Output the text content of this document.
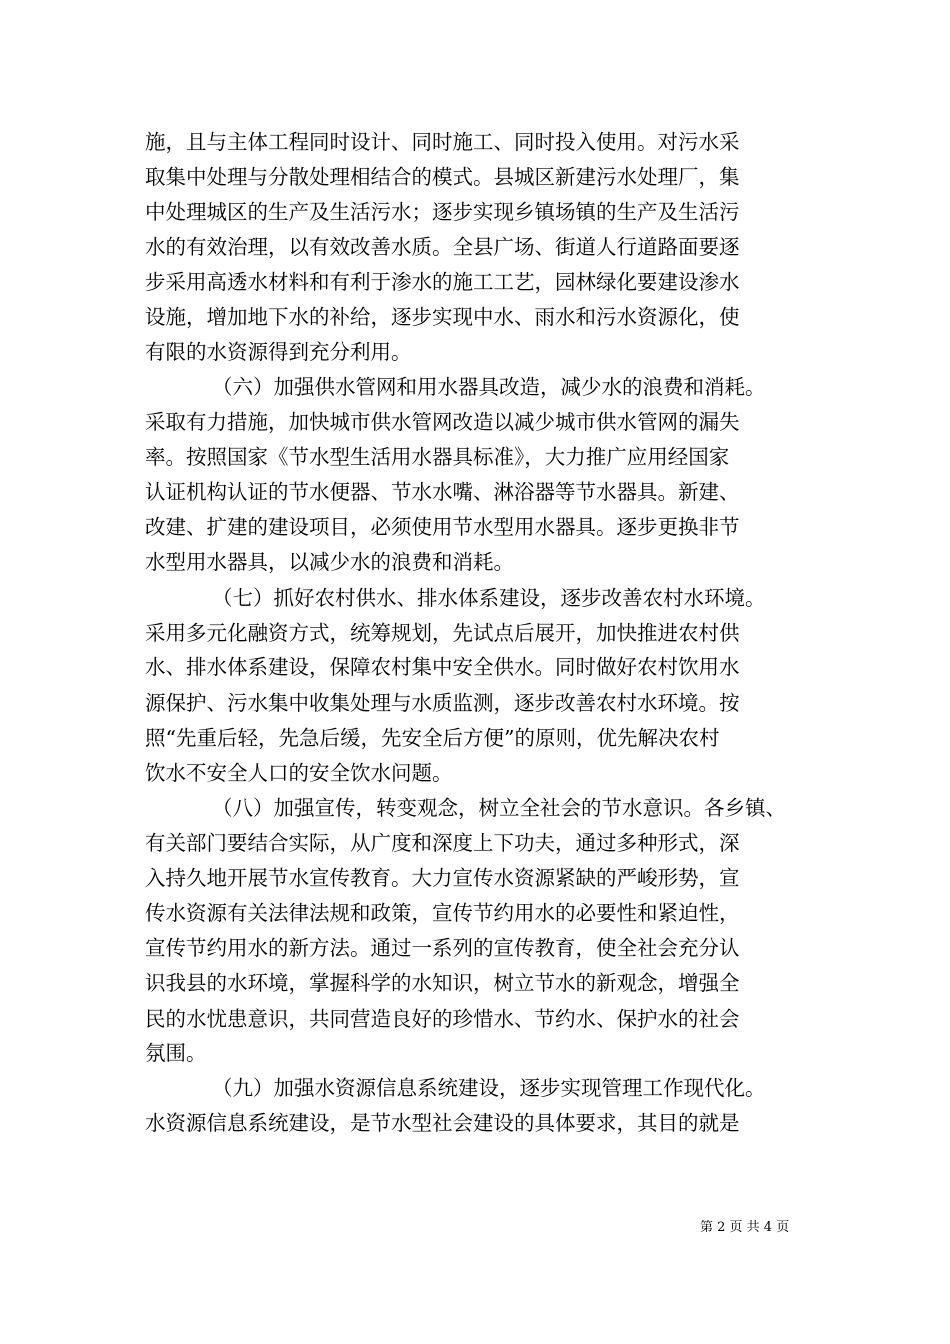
施，且与主体工程同时设计、同时施工、同时投入使用。对污水采
取集中处理与分散处理相结合的模式。县城区新建污水处理厂，集
中处理城区的生产及生活污水；逐步实现乡镇场镇的生产及生活污
水的有效治理，以有效改善水质。全县广场、街道人行道路面要逐
步采用高透水材料和有利于渗水的施工工艺，园林绿化要建设渗水
设施，增加地下水的补给，逐步实现中水、雨水和污水资源化，使
有限的水资源得到充分利用。
（六）加强供水管网和用水器具改造，减少水的浪费和消耗。
采取有力措施，加快城市供水管网改造以减少城市供水管网的漏失
率。按照国家《节水型生活用水器具标准》，大力推广应用经国家
认证机构认证的节水便器、节水水嘴、淋浴器等节水器具。新建、
改建、扩建的建设项目，必须使用节水型用水器具。逐步更换非节
水型用水器具，以减少水的浪费和消耗。
（七）抓好农村供水、排水体系建设，逐步改善农村水环境。
采用多元化融资方式，统筹规划，先试点后展开，加快推进农村供
水、排水体系建设，保障农村集中安全供水。同时做好农村饮用水
源保护、污水集中收集处理与水质监测，逐步改善农村水环境。按
照“先重后轻，先急后缓，先安全后方便”的原则，优先解决农村
饮水不安全人口的安全饮水问题。
（八）加强宣传，转变观念，树立全社会的节水意识。各乡镇、
有关部门要结合实际，从广度和深度上下功夫，通过多种形式，深
入持久地开展节水宣传教育。大力宣传水资源紧缺的严峻形势，宣
传水资源有关法律法规和政策，宣传节约用水的必要性和紧迫性，
宣传节约用水的新方法。通过一系列的宣传教育，使全社会充分认
识我县的水环境，掌握科学的水知识，树立节水的新观念，增强全
民的水忧患意识，共同营造良好的珍惜水、节约水、保护水的社会
氛围。
（九）加强水资源信息系统建设，逐步实现管理工作现代化。
水资源信息系统建设，是节水型社会建设的具体要求，其目的就是
第 2 页 共 4 页
